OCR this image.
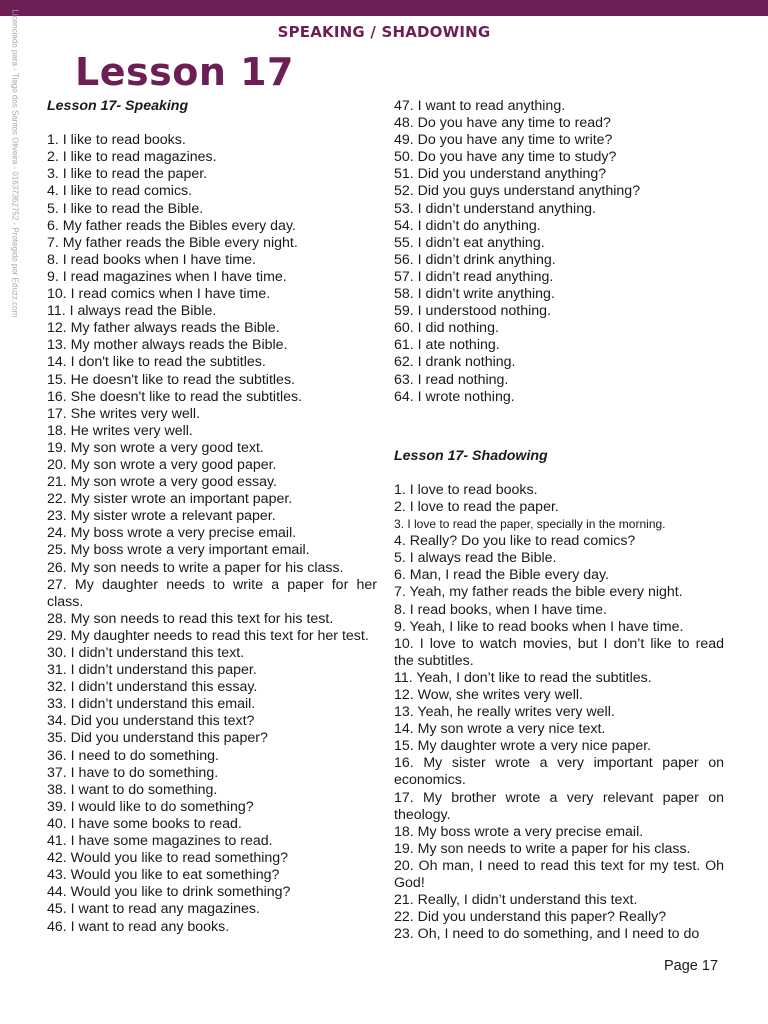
SPEAKING / SHADOWING
Lesson 17
Licenciado para - Tiago dos Santos Oliveira - 01637362752 - Protegido por Eduzz.com Lesson 17- Speaking

1. I like to read books.

2. I like to read magazines.

3. I like to read the paper.

4. I like to read comics.

5. I like to read the Bible.

6. My father reads the Bibles every day.

7. My father reads the Bible every night.

8. I read books when I have time.

9. I read magazines when I have time.

10. I read comics when I have time.

11. I always read the Bible.

12. My father always reads the Bible.

13. My mother always reads the Bible.

14. I don't like to read the subtitles.

15. He doesn't like to read the subtitles.

16. She doesn't like to read the subtitles.

17. She writes very well.

18. He writes very well.

19. My son wrote a very good text.

20. My son wrote a very good paper.

21. My son wrote a very good essay.

22. My sister wrote an important paper.

23. My sister wrote a relevant paper.

24. My boss wrote a very precise email.

25. My boss wrote a very important email.

26. My son needs to write a paper for his class.

27. My daughter needs to write a paper for her class.

28. My son needs to read this text for his test.

29. My daughter needs to read this text for her test.

30. I didn’t understand this text.

31. I didn’t understand this paper.

32. I didn’t understand this essay.

33. I didn’t understand this email.

34. Did you understand this text?

35. Did you understand this paper?

36. I need to do something.

37. I have to do something.

38. I want to do something.

39. I would like to do something?

40. I have some books to read.

41. I have some magazines to read.

42. Would you like to read something?

43. Would you like to eat something?

44. Would you like to drink something?

45. I want to read any magazines.

46. I want to read any books.

47. I want to read anything.

48. Do you have any time to read?

49. Do you have any time to write?

50. Do you have any time to study?

51. Did you understand anything?

52. Did you guys understand anything?

53. I didn’t understand anything.

54. I didn’t do anything.

55. I didn’t eat anything.

56. I didn’t drink anything.

57. I didn’t read anything.

58. I didn’t write anything.

59. I understood nothing.

60. I did nothing.

61. I ate nothing.

62. I drank nothing.

63. I read nothing.

64. I wrote nothing.

Lesson 17- Shadowing

1. I love to read books.

2. I love to read the paper.

3. I love to read the paper, specially in the morning.

4. Really? Do you like to read comics?

5. I always read the Bible.

6. Man, I read the Bible every day.

7. Yeah, my father reads the bible every night.

8. I read books, when I have time.

9. Yeah, I like to read books when I have time.

10. I love to watch movies, but I don’t like to read the subtitles.

11. Yeah, I don’t like to read the subtitles.

12. Wow, she writes very well.

13. Yeah, he really writes very well.

14. My son wrote a very nice text.

15. My daughter wrote a very nice paper.

16. My sister wrote a very important paper on economics.

17. My brother wrote a very relevant paper on theology.

18. My boss wrote a very precise email.

19. My son needs to write a paper for his class.

20. Oh man, I need to read this text for my test. Oh God!

21. Really, I didn’t understand this text.

22. Did you understand this paper? Really?

23. Oh, I need to do something, and I need to do

Page 17
